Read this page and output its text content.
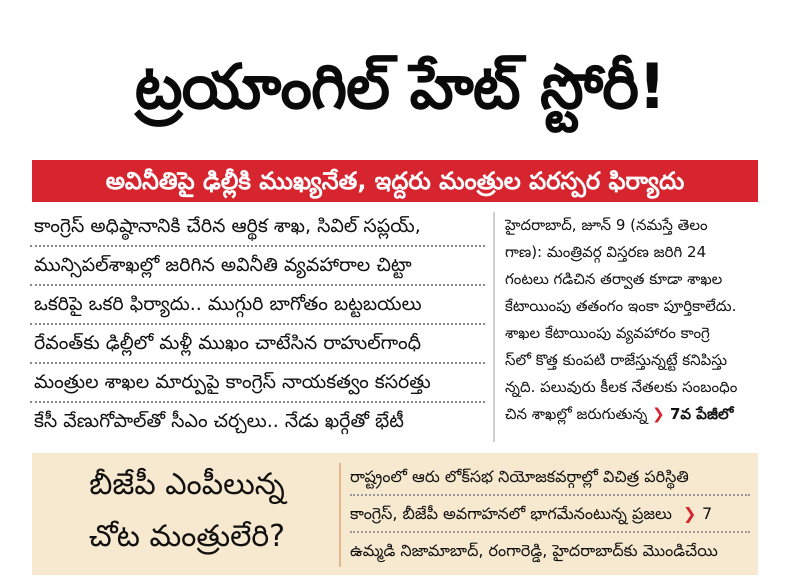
ట్రయాంగిల్ హేట్ స్టోరీ!
అవినీతిపై ఢిల్లీకి ముఖ్యనేత, ఇద్దరు మంత్రుల పరస్పర ఫిర్యాదు
కాంగ్రెస్ అధిష్ఠానానికి చేరిన ఆర్థిక శాఖ, సివిల్ సప్లయ్,
మున్సిపల్‌శాఖల్లో జరిగిన అవినీతి వ్యవహారాల చిట్టా
ఒకరిపై ఒకరి ఫిర్యాదు.. ముగ్గురి బాగోతం బట్టబయలు
రేవంత్‌కు ఢిల్లీలో మళ్లీ ముఖం చాటేసిన రాహుల్‌గాంధీ
మంత్రుల శాఖల మార్పుపై కాంగ్రెస్ నాయకత్వం కసరత్తు
కేసీ వేణుగోపాల్‌తో సీఎం చర్చలు.. నేడు ఖర్గేతో భేటీ
హైదరాబాద్, జూన్ 9 (నమస్తే తెలం
గాణ): మంత్రివర్గ విస్తరణ జరిగి 24
గంటలు గడిచిన తర్వాత కూడా శాఖల
కేటాయింపు తతంగం ఇంకా పూర్తికాలేదు.
శాఖల కేటాయింపు వ్యవహారం కాంగ్రె
స్‌లో కొత్త కుంపటి రాజేస్తున్నట్టే కనిపిస్తు
న్నది. పలువురు కీలక నేతలకు సంబంధిం
చిన శాఖల్లో జరుగుతున్న ❯ 7వ పేజీలో
బీజేపీ ఎంపీలున్న
చోట మంత్రులేరి?
రాష్ట్రంలో ఆరు లోక్‌సభ నియోజకవర్గాల్లో విచిత్ర పరిస్థితి
కాంగ్రెస్, బీజేపీ అవగాహనలో భాగమేనంటున్న ప్రజలు ❯ 7
ఉమ్మడి నిజామాబాద్, రంగారెడ్డి, హైదరాబాద్‌కు మొండిచేయి
